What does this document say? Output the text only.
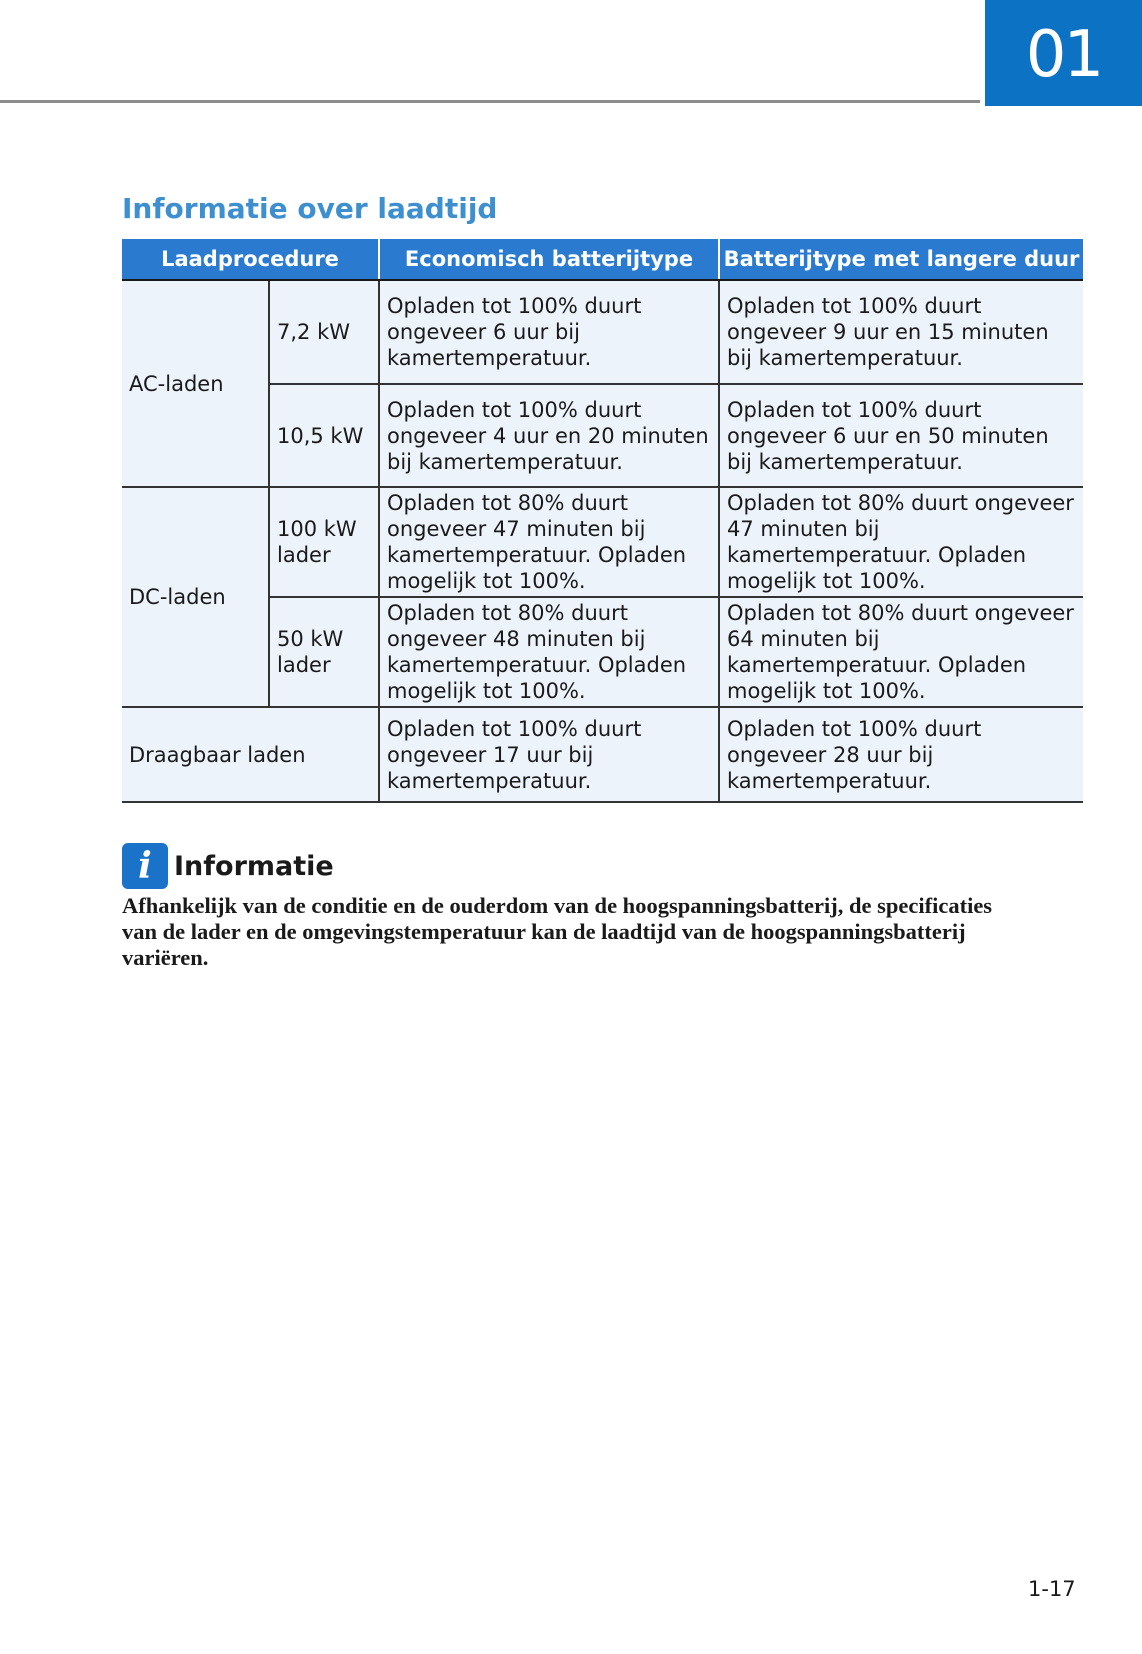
01
Informatie over laadtijd
Laadprocedure		Economisch batterijtype	Batterijtype met langere duur
AC-laden	7,2 kW	Opladen tot 100% duurt ongeveer 6 uur bij kamertemperatuur.	Opladen tot 100% duurt ongeveer 9 uur en 15 minuten bij kamertemperatuur.
	10,5 kW	Opladen tot 100% duurt ongeveer 4 uur en 20 minuten bij kamertemperatuur.	Opladen tot 100% duurt ongeveer 6 uur en 50 minuten bij kamertemperatuur.
DC-laden	100 kW lader	Opladen tot 80% duurt ongeveer 47 minuten bij kamertemperatuur. Opladen mogelijk tot 100%.	Opladen tot 80% duurt ongeveer 47 minuten bij kamertemperatuur. Opladen mogelijk tot 100%.
	50 kW lader	Opladen tot 80% duurt ongeveer 48 minuten bij kamertemperatuur. Opladen mogelijk tot 100%.	Opladen tot 80% duurt ongeveer 64 minuten bij kamertemperatuur. Opladen mogelijk tot 100%.
Draagbaar laden		Opladen tot 100% duurt ongeveer 17 uur bij kamertemperatuur.	Opladen tot 100% duurt ongeveer 28 uur bij kamertemperatuur.
i Informatie

Afhankelijk van de conditie en de ouderdom van de hoogspanningsbatterij, de specificaties van de lader en de omgevingstemperatuur kan de laadtijd van de hoogspanningsbatterij variëren.

1-17
